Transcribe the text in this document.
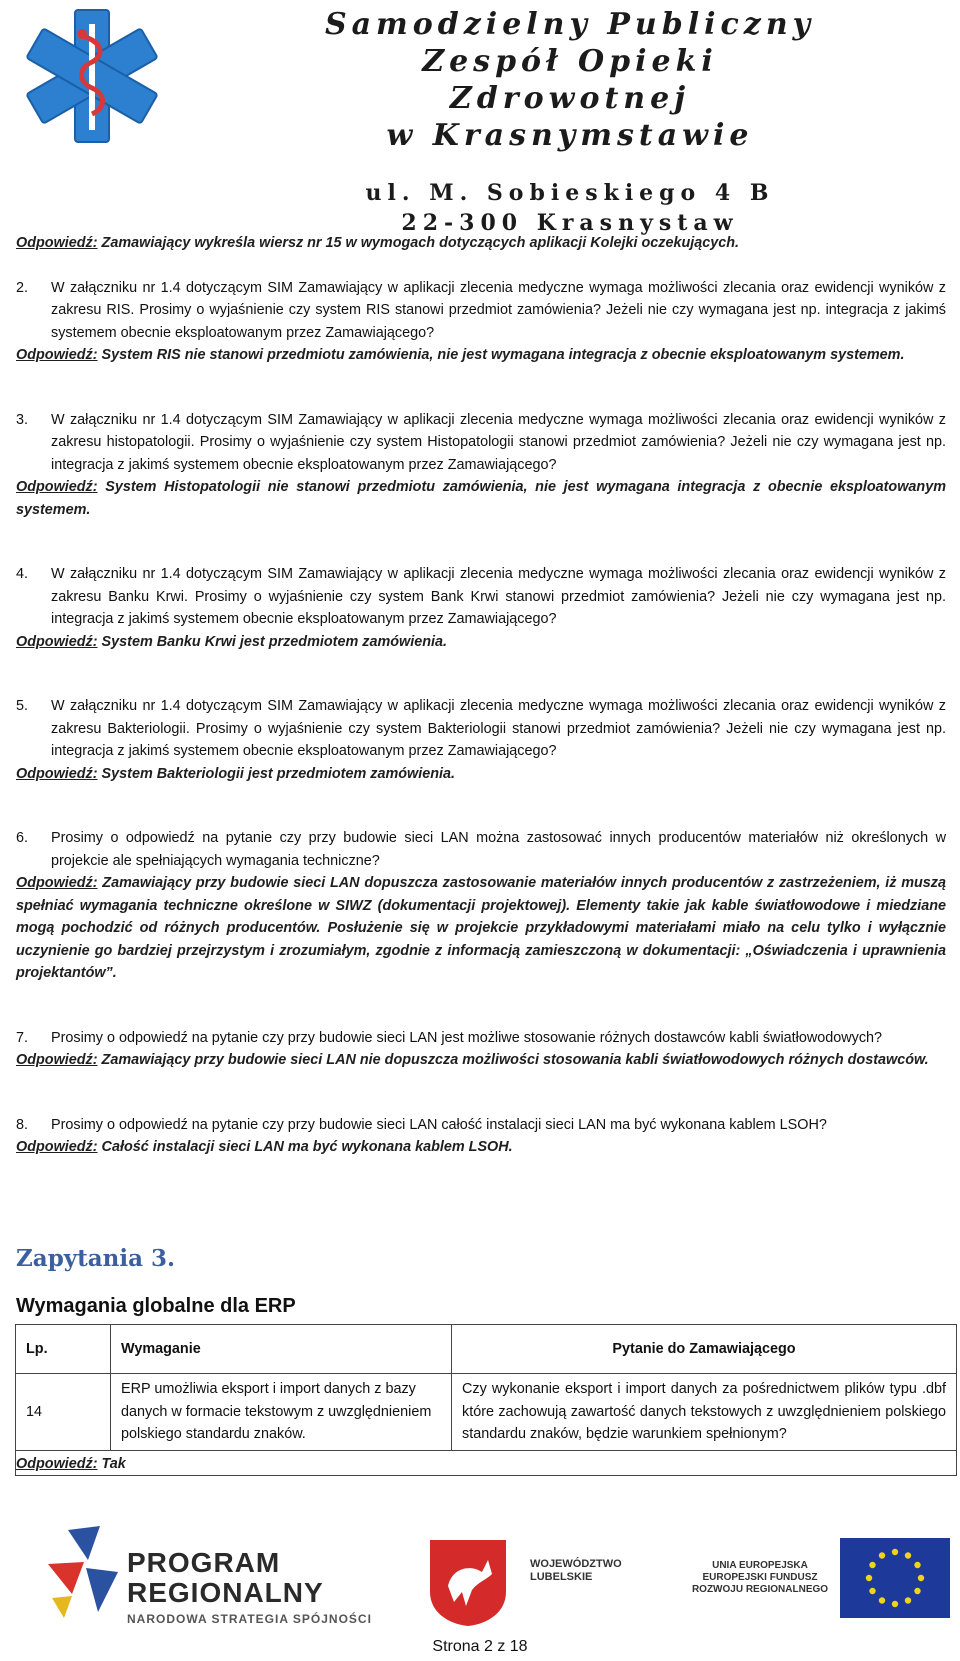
Samodzielny Publiczny
Zespół Opieki Zdrowotnej
w Krasnymstawie
ul. M. Sobieskiego 4 B
22-300 Krasnystaw

Odpowiedź: Zamawiający wykreśla wiersz nr 15 w wymogach dotyczących aplikacji Kolejki oczekujących.

2.	W załączniku nr 1.4 dotyczącym SIM Zamawiający w aplikacji zlecenia medyczne wymaga możliwości zlecania oraz ewidencji wyników z zakresu RIS. Prosimy o wyjaśnienie czy system RIS stanowi przedmiot zamówienia? Jeżeli nie czy wymagana jest np. integracja z jakimś systemem obecnie eksploatowanym przez Zamawiającego?

Odpowiedź: System RIS nie stanowi przedmiotu zamówienia, nie jest wymagana integracja z obecnie eksploatowanym systemem.

3.	W załączniku nr 1.4 dotyczącym SIM Zamawiający w aplikacji zlecenia medyczne wymaga możliwości zlecania oraz ewidencji wyników z zakresu histopatologii. Prosimy o wyjaśnienie czy system Histopatologii stanowi przedmiot zamówienia? Jeżeli nie czy wymagana jest np. integracja z jakimś systemem obecnie eksploatowanym przez Zamawiającego?

Odpowiedź: System Histopatologii nie stanowi przedmiotu zamówienia, nie jest wymagana integracja z obecnie eksploatowanym systemem.

4.	W załączniku nr 1.4 dotyczącym SIM Zamawiający w aplikacji zlecenia medyczne wymaga możliwości zlecania oraz ewidencji wyników z zakresu Banku Krwi. Prosimy o wyjaśnienie czy system Bank Krwi stanowi przedmiot zamówienia? Jeżeli nie czy wymagana jest np. integracja z jakimś systemem obecnie eksploatowanym przez Zamawiającego?

Odpowiedź: System Banku Krwi jest przedmiotem zamówienia.

5.	W załączniku nr 1.4 dotyczącym SIM Zamawiający w aplikacji zlecenia medyczne wymaga możliwości zlecania oraz ewidencji wyników z zakresu Bakteriologii. Prosimy o wyjaśnienie czy system Bakteriologii stanowi przedmiot zamówienia? Jeżeli nie czy wymagana jest np. integracja z jakimś systemem obecnie eksploatowanym przez Zamawiającego?

Odpowiedź: System Bakteriologii jest przedmiotem zamówienia.

6.	Prosimy o odpowiedź na pytanie czy przy budowie sieci LAN można zastosować innych producentów materiałów niż określonych w projekcie ale spełniających wymagania techniczne?

Odpowiedź: Zamawiający przy budowie sieci LAN dopuszcza zastosowanie materiałów innych producentów z zastrzeżeniem, iż muszą spełniać wymagania techniczne określone w SIWZ (dokumentacji projektowej). Elementy takie jak kable światłowodowe i miedziane mogą pochodzić od różnych producentów. Posłużenie się w projekcie przykładowymi materiałami miało na celu tylko i wyłącznie uczynienie go bardziej przejrzystym i zrozumiałym, zgodnie z informacją zamieszczoną w dokumentacji: „Oświadczenia i uprawnienia projektantów”.

7.	Prosimy o odpowiedź na pytanie czy przy budowie sieci LAN jest możliwe stosowanie różnych dostawców kabli światłowodowych?

Odpowiedź: Zamawiający przy budowie sieci LAN nie dopuszcza możliwości stosowania kabli światłowodowych różnych dostawców.

8.	Prosimy o odpowiedź na pytanie czy przy budowie sieci LAN całość instalacji sieci LAN ma być wykonana kablem LSOH?

Odpowiedź: Całość instalacji sieci LAN ma być wykonana kablem LSOH.

Zapytania 3.
Wymagania globalne dla ERP
Lp.	Wymaganie	Pytanie do Zamawiającego
14	ERP umożliwia eksport i import danych z bazy danych w formacie tekstowym z uwzględnieniem polskiego standardu znaków.	Czy wykonanie eksport i import danych za pośrednictwem plików typu .dbf które zachowują zawartość danych tekstowych z uwzględnieniem polskiego standardu znaków, będzie warunkiem spełnionym?
Odpowiedź: Tak		
PROGRAM
REGIONALNY
NARODOWA STRATEGIA SPÓJNOŚCI
WOJEWÓDZTWO
LUBELSKIE
UNIA EUROPEJSKA
EUROPEJSKI FUNDUSZ
ROZWOJU REGIONALNEGO
Strona 2 z 18
